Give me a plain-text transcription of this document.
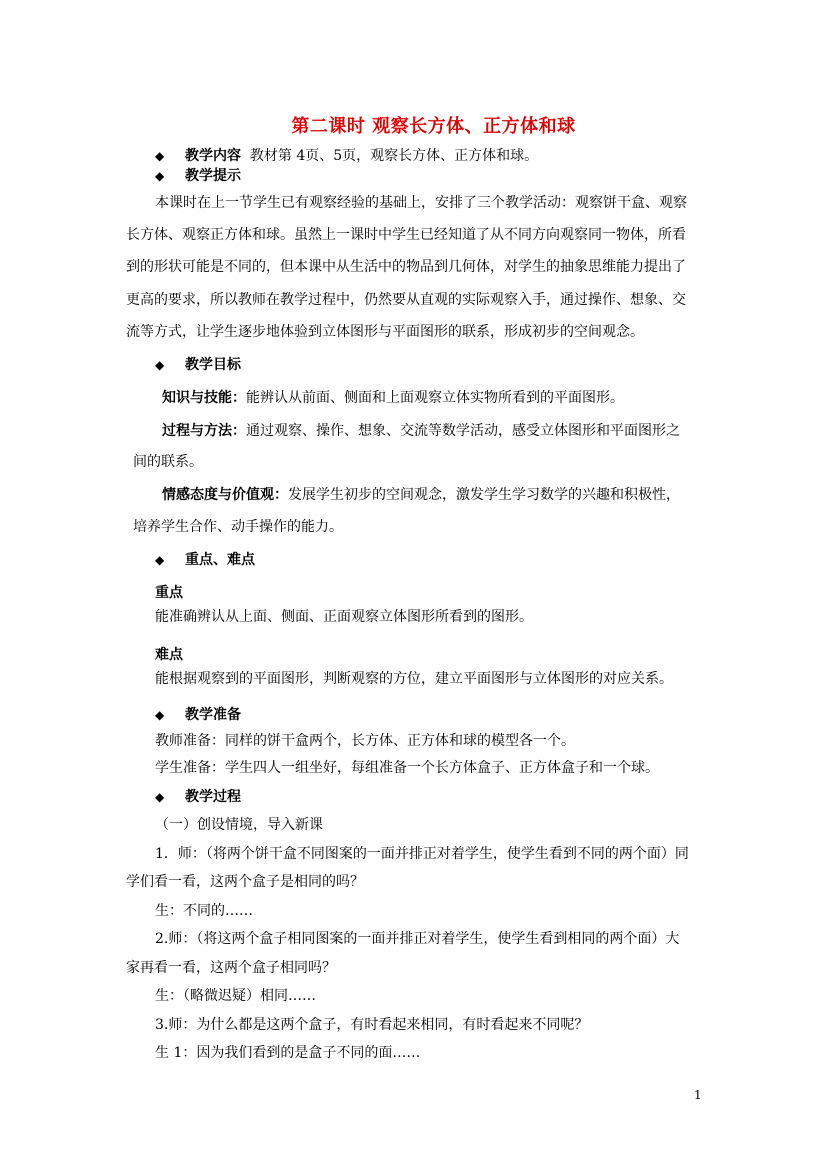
第二课时 观察长方体、正方体和球
◆ 教学内容 教材第 4页、5页，观察长方体、正方体和球。
◆ 教学提示
本课时在上一节学生已有观察经验的基础上，安排了三个教学活动：观察饼干盒、观察
长方体、观察正方体和球。虽然上一课时中学生已经知道了从不同方向观察同一物体，所看
到的形状可能是不同的，但本课中从生活中的物品到几何体，对学生的抽象思维能力提出了
更高的要求，所以教师在教学过程中，仍然要从直观的实际观察入手，通过操作、想象、交
流等方式，让学生逐步地体验到立体图形与平面图形的联系，形成初步的空间观念。
◆ 教学目标
知识与技能：能辨认从前面、侧面和上面观察立体实物所看到的平面图形。
过程与方法：通过观察、操作、想象、交流等数学活动，感受立体图形和平面图形之
间的联系。
情感态度与价值观：发展学生初步的空间观念，激发学生学习数学的兴趣和积极性，
培养学生合作、动手操作的能力。
◆ 重点、难点
重点
能准确辨认从上面、侧面、正面观察立体图形所看到的图形。
难点
能根据观察到的平面图形，判断观察的方位，建立平面图形与立体图形的对应关系。
◆ 教学准备
教师准备：同样的饼干盒两个，长方体、正方体和球的模型各一个。
学生准备：学生四人一组坐好，每组准备一个长方体盒子、正方体盒子和一个球。
◆ 教学过程
（一）创设情境，导入新课
1．师：（将两个饼干盒不同图案的一面并排正对着学生，使学生看到不同的两个面）同
学们看一看，这两个盒子是相同的吗？
生：不同的……
2.师：（将这两个盒子相同图案的一面并排正对着学生，使学生看到相同的两个面）大
家再看一看，这两个盒子相同吗？
生：（略微迟疑）相同……
3.师：为什么都是这两个盒子，有时看起来相同，有时看起来不同呢？
生 1：因为我们看到的是盒子不同的面……
1
